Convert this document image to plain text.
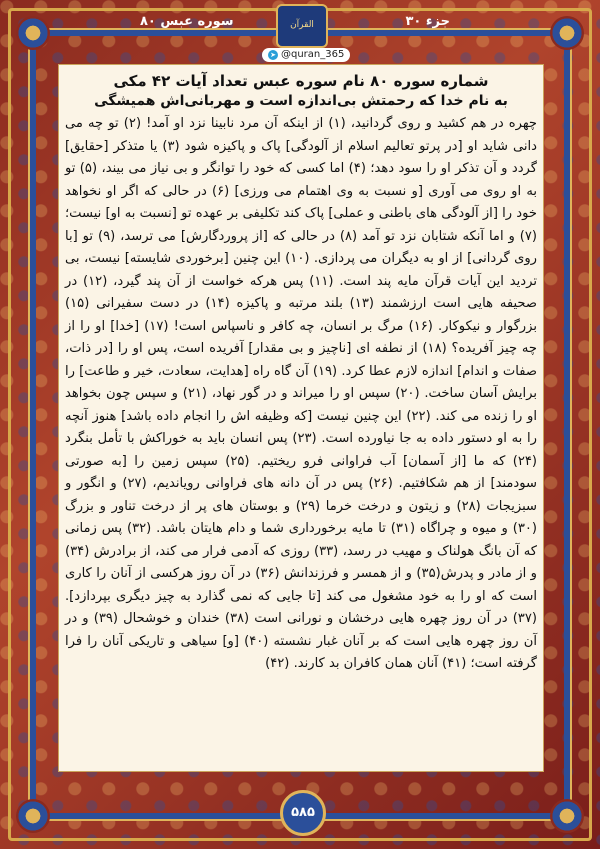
جزء ۳۰
سوره عبس ۸۰	القرآن
➤ @quran_365

شماره سوره ۸۰ نام سوره عبس تعداد آیات ۴۲ مکی

به نام خدا که رحمتش بی‌اندازه است و مهربانی‌اش همیشگی

چهره در هم کشید و روی گردانید، (۱) از اینکه آن مرد نابینا نزد او آمد! (۲) تو چه می دانی شاید او [در پرتو تعالیم اسلام از آلودگی] پاک و پاکیزه شود (۳) یا متذکر [حقایق] گردد و آن تذکر او را سود دهد؛ (۴) اما کسی که خود را توانگر و بی نیاز می بیند، (۵) تو به او روی می آوری [و نسبت به وی اهتمام می ورزی] (۶) در حالی که اگر او نخواهد خود را [از آلودگی های باطنی و عملی] پاک کند تکلیفی بر عهده تو [نسبت به او] نیست؛ (۷) و اما آنکه شتابان نزد تو آمد (۸) در حالی که [از پروردگارش] می ترسد، (۹) تو [با روی گردانی] از او به دیگران می پردازی. (۱۰) این چنین [برخوردی شایسته] نیست، بی تردید این آیات قرآن مایه پند است. (۱۱) پس هرکه خواست از آن پند گیرد، (۱۲) در صحیفه هایی است ارزشمند (۱۳) بلند مرتبه و پاکیزه (۱۴) در دست سفیرانی (۱۵) بزرگوار و نیکوکار. (۱۶) مرگ بر انسان، چه کافر و ناسپاس است! (۱۷) [خدا] او را از چه چیز آفریده؟ (۱۸) از نطفه ای [ناچیز و بی مقدار] آفریده است، پس او را [در ذات، صفات و اندام] اندازه لازم عطا کرد. (۱۹) آن گاه راه [هدایت، سعادت، خیر و طاعت] را برایش آسان ساخت. (۲۰) سپس او را میراند و در گور نهاد، (۲۱) و سپس چون بخواهد او را زنده می کند. (۲۲) این چنین نیست [که وظیفه اش را انجام داده باشد] هنوز آنچه را به او دستور داده به جا نیاورده است. (۲۳) پس انسان باید به خوراکش با تأمل بنگرد (۲۴) که ما [از آسمان] آب فراوانی فرو ریختیم. (۲۵) سپس زمین را [به صورتی سودمند] از هم شکافتیم. (۲۶) پس در آن دانه های فراوانی رویاندیم، (۲۷) و انگور و سبزیجات (۲۸) و زیتون و درخت خرما (۲۹) و بوستان های پر از درخت تناور و بزرگ (۳۰) و میوه و چراگاه (۳۱) تا مایه برخورداری شما و دام هایتان باشد. (۳۲) پس زمانی که آن بانگ هولناک و مهیب در رسد، (۳۳) روزی که آدمی فرار می کند، از برادرش (۳۴) و از مادر و پدرش(۳۵) و از همسر و فرزندانش (۳۶) در آن روز هرکسی از آنان را کاری است که او را به خود مشغول می کند [تا جایی که نمی گذارد به چیز دیگری بپردازد]. (۳۷) در آن روز چهره هایی درخشان و نورانی است (۳۸) خندان و خوشحال (۳۹) و در آن روز چهره هایی است که بر آنان غبار نشسته (۴۰) [و] سیاهی و تاریکی آنان را فرا گرفته است؛ (۴۱) آنان همان کافران بد کارند. (۴۲)

۵۸۵
